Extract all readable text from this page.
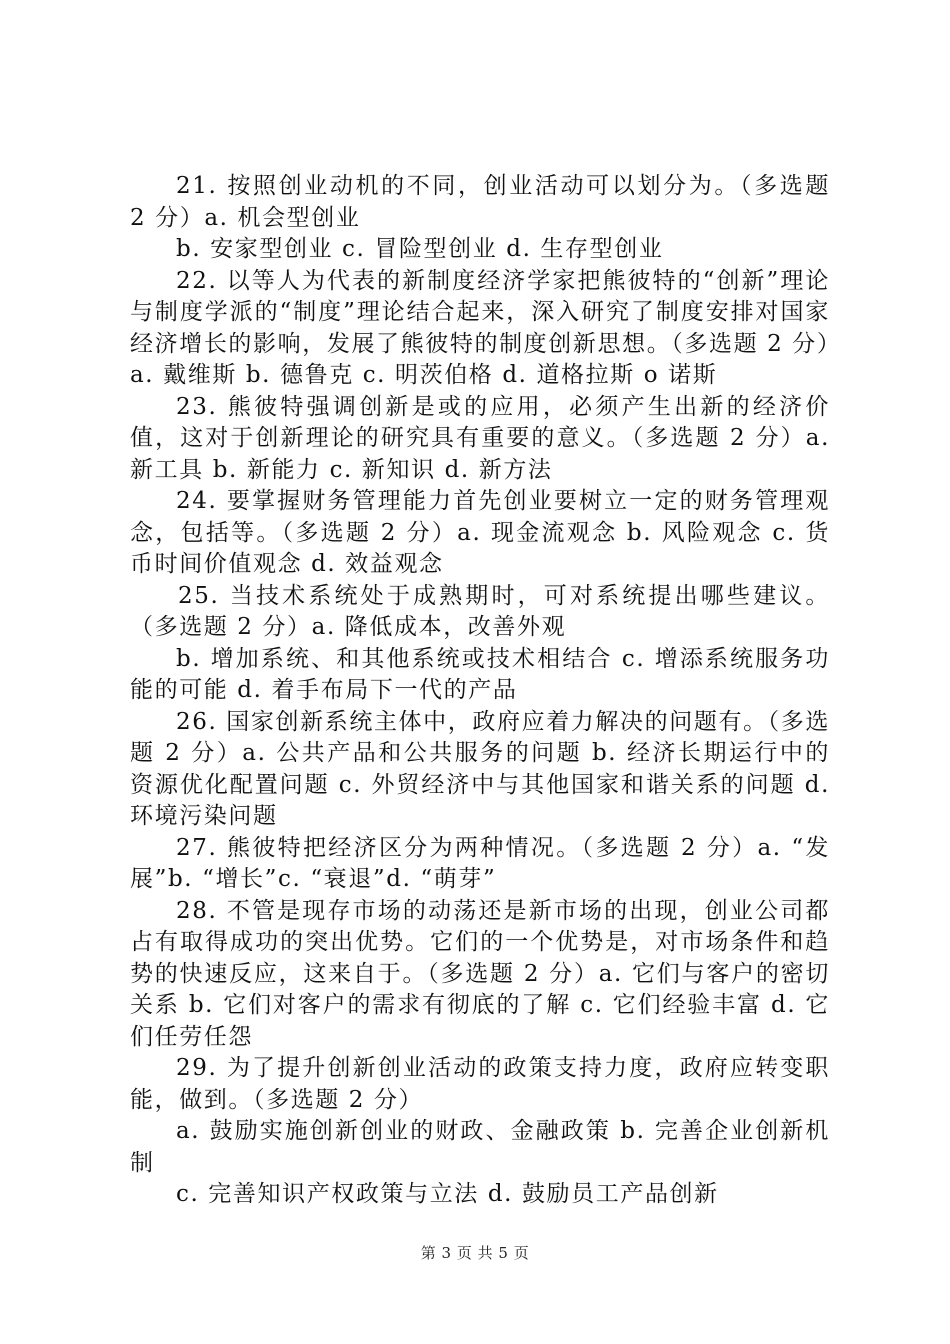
21. 按照创业动机的不同，创业活动可以划分为。（多选题 2 分）a. 机会型创业

b. 安家型创业 c. 冒险型创业 d. 生存型创业

22. 以等人为代表的新制度经济学家把熊彼特的“创新”理论与制度学派的“制度”理论结合起来，深入研究了制度安排对国家经济增长的影响，发展了熊彼特的制度创新思想。（多选题 2 分）a. 戴维斯 b. 德鲁克 c. 明茨伯格 d. 道格拉斯 o 诺斯

23. 熊彼特强调创新是或的应用，必须产生出新的经济价值，这对于创新理论的研究具有重要的意义。（多选题 2 分）a. 新工具 b. 新能力 c. 新知识 d. 新方法

24. 要掌握财务管理能力首先创业要树立一定的财务管理观念，包括等。（多选题 2 分）a. 现金流观念 b. 风险观念 c. 货币时间价值观念 d. 效益观念

25. 当技术系统处于成熟期时，可对系统提出哪些建议。（多选题 2 分）a. 降低成本，改善外观

b. 增加系统、和其他系统或技术相结合 c. 增添系统服务功能的可能 d. 着手布局下一代的产品

26. 国家创新系统主体中，政府应着力解决的问题有。（多选题 2 分）a. 公共产品和公共服务的问题 b. 经济长期运行中的资源优化配置问题 c. 外贸经济中与其他国家和谐关系的问题 d. 环境污染问题

27. 熊彼特把经济区分为两种情况。（多选题 2 分）a. “发展”b. “增长”c. “衰退”d. “萌芽”

28. 不管是现存市场的动荡还是新市场的出现，创业公司都占有取得成功的突出优势。它们的一个优势是，对市场条件和趋势的快速反应，这来自于。（多选题 2 分）a. 它们与客户的密切关系 b. 它们对客户的需求有彻底的了解 c. 它们经验丰富 d. 它们任劳任怨

29. 为了提升创新创业活动的政策支持力度，政府应转变职能，做到。（多选题 2 分）

a. 鼓励实施创新创业的财政、金融政策 b. 完善企业创新机制

c. 完善知识产权政策与立法 d. 鼓励员工产品创新

第 3 页 共 5 页
